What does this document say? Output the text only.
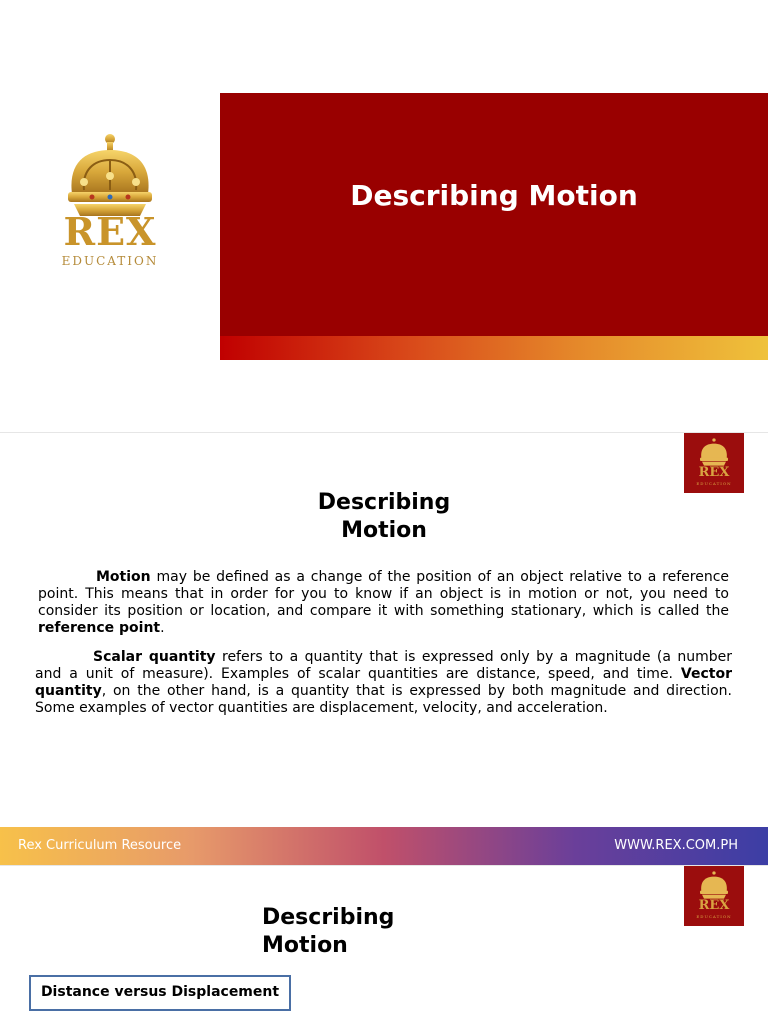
REX
EDUCATION
Describing Motion
REX
EDUCATION
Describing
Motion
Motion may be defined as a change of the position of an object relative to a reference point. This means that in order for you to know if an object is in motion or not, you need to consider its position or location, and compare it with something stationary, which is called the reference point.
Scalar quantity refers to a quantity that is expressed only by a magnitude (a number and a unit of measure). Examples of scalar quantities are distance, speed, and time. Vector quantity, on the other hand, is a quantity that is expressed by both magnitude and direction. Some examples of vector quantities are displacement, velocity, and acceleration.
Rex Curriculum Resource	WWW.REX.COM.PH
REX
EDUCATION
Describing
Motion
Distance versus Displacement
